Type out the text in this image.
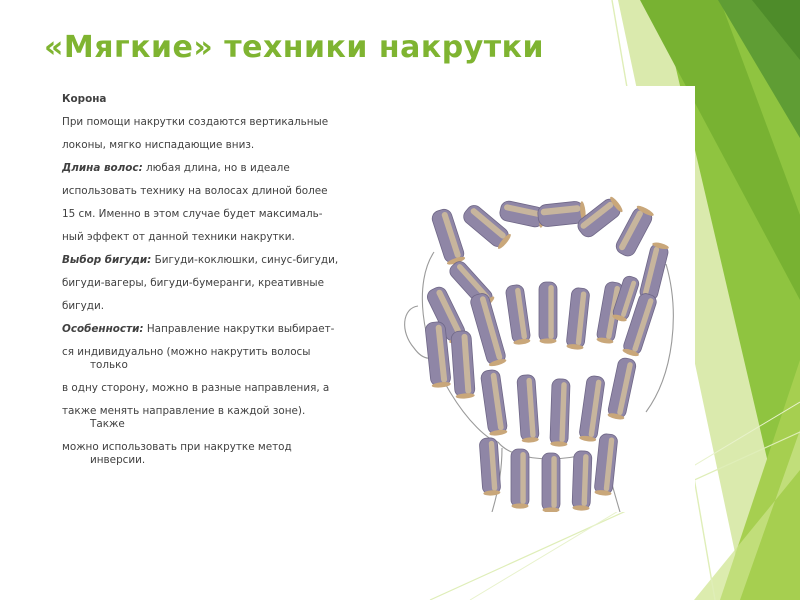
«Мягкие» техники накрутки

Корона

При помощи накрутки создаются вертикальные

локоны, мягко ниспадающие вниз.

Длина волос: любая длина, но в идеале

использовать технику на волосах длиной более

15 см. Именно в этом случае будет максималь-

ный эффект от данной техники накрутки.

Выбор бигуди: Бигуди-коклюшки, синус-бигуди,

бигуди-вагеры, бигуди-бумеранги, креативные

бигуди.

Особенности: Направление накрутки выбирает-

ся индивидуально (можно накрутить волосы
только

в одну сторону, можно в разные направления, а

также менять направление в каждой зоне).
Также

можно использовать при накрутке метод
инверсии.
